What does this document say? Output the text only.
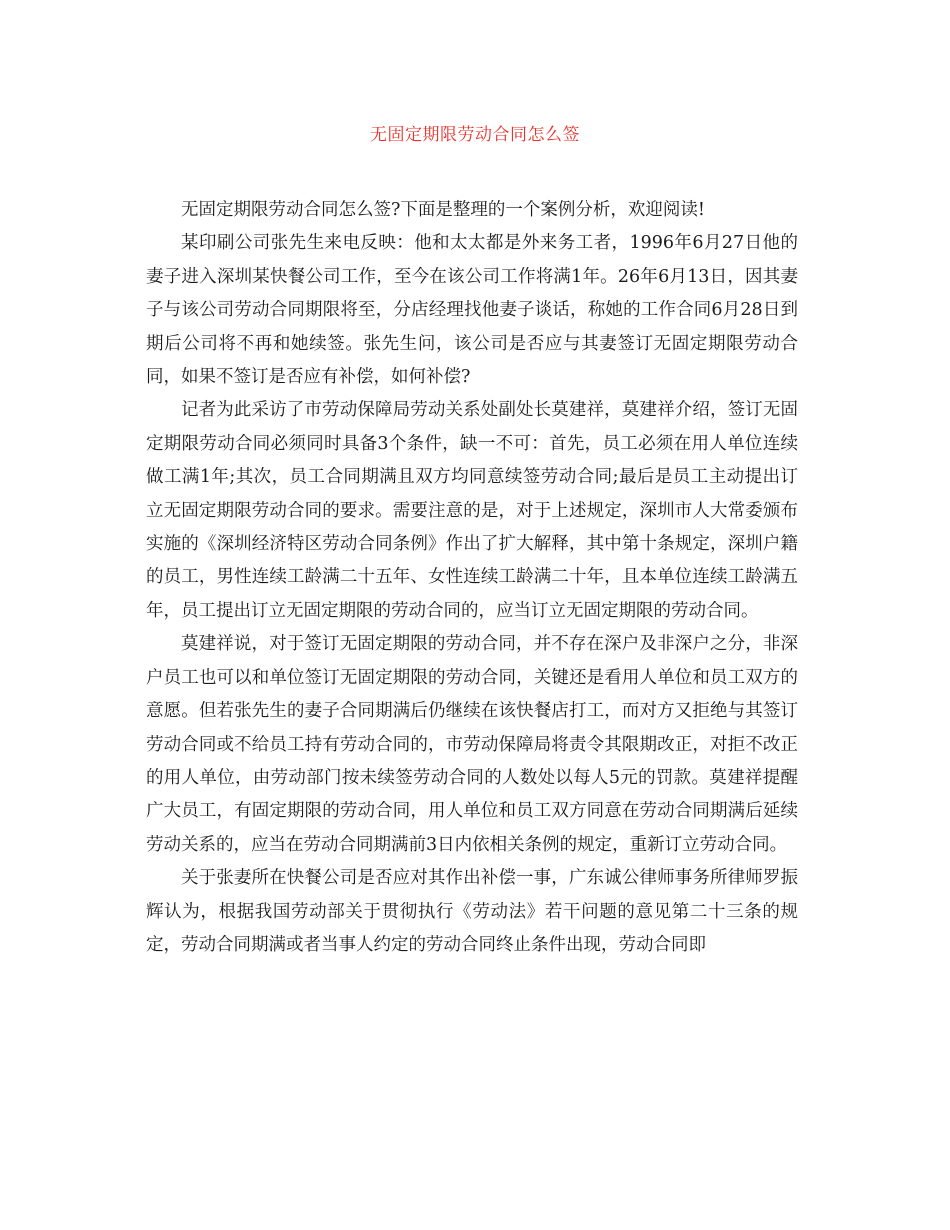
无固定期限劳动合同怎么签

无固定期限劳动合同怎么签?下面是整理的一个案例分析，欢迎阅读!

某印刷公司张先生来电反映：他和太太都是外来务工者，1996年6月27日他的妻子进入深圳某快餐公司工作，至今在该公司工作将满1年。26年6月13日，因其妻子与该公司劳动合同期限将至，分店经理找他妻子谈话，称她的工作合同6月28日到期后公司将不再和她续签。张先生问，该公司是否应与其妻签订无固定期限劳动合同，如果不签订是否应有补偿，如何补偿?

记者为此采访了市劳动保障局劳动关系处副处长莫建祥，莫建祥介绍，签订无固定期限劳动合同必须同时具备3个条件，缺一不可：首先，员工必须在用人单位连续做工满1年;其次，员工合同期满且双方均同意续签劳动合同;最后是员工主动提出订立无固定期限劳动合同的要求。需要注意的是，对于上述规定，深圳市人大常委颁布实施的《深圳经济特区劳动合同条例》作出了扩大解释，其中第十条规定，深圳户籍的员工，男性连续工龄满二十五年、女性连续工龄满二十年，且本单位连续工龄满五年，员工提出订立无固定期限的劳动合同的，应当订立无固定期限的劳动合同。

莫建祥说，对于签订无固定期限的劳动合同，并不存在深户及非深户之分，非深户员工也可以和单位签订无固定期限的劳动合同，关键还是看用人单位和员工双方的意愿。但若张先生的妻子合同期满后仍继续在该快餐店打工，而对方又拒绝与其签订劳动合同或不给员工持有劳动合同的，市劳动保障局将责令其限期改正，对拒不改正的用人单位，由劳动部门按未续签劳动合同的人数处以每人5元的罚款。莫建祥提醒广大员工，有固定期限的劳动合同，用人单位和员工双方同意在劳动合同期满后延续劳动关系的，应当在劳动合同期满前3日内依相关条例的规定，重新订立劳动合同。

关于张妻所在快餐公司是否应对其作出补偿一事，广东诚公律师事务所律师罗振辉认为，根据我国劳动部关于贯彻执行《劳动法》若干问题的意见第二十三条的规定，劳动合同期满或者当事人约定的劳动合同终止条件出现，劳动合同即
